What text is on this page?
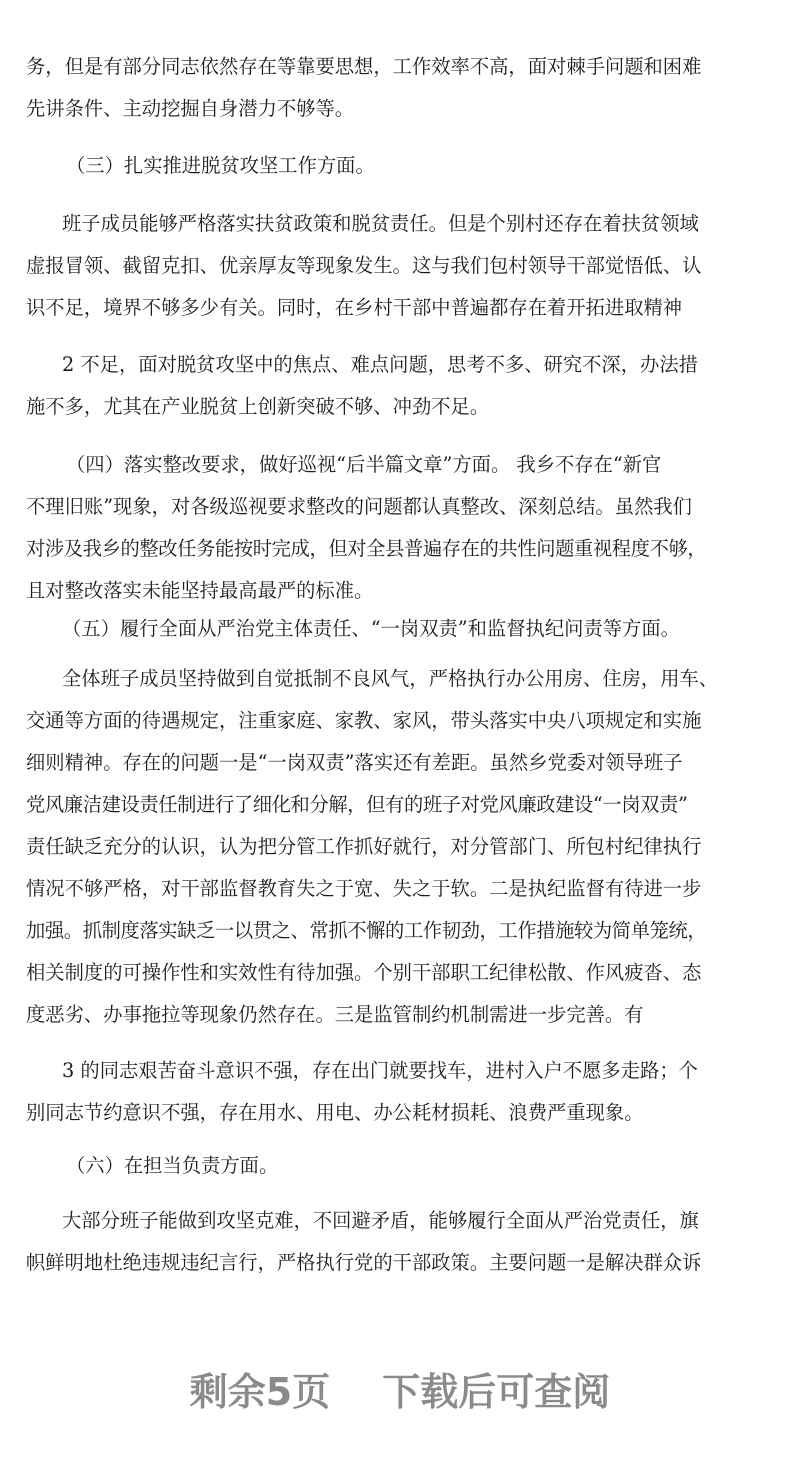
务，但是有部分同志依然存在等靠要思想，工作效率不高，面对棘手问题和困难
先讲条件、主动挖掘自身潜力不够等。
（三）扎实推进脱贫攻坚工作方面。
班子成员能够严格落实扶贫政策和脱贫责任。但是个别村还存在着扶贫领域
虚报冒领、截留克扣、优亲厚友等现象发生。这与我们包村领导干部觉悟低、认
识不足，境界不够多少有关。同时，在乡村干部中普遍都存在着开拓进取精神
2 不足，面对脱贫攻坚中的焦点、难点问题，思考不多、研究不深，办法措
施不多，尤其在产业脱贫上创新突破不够、冲劲不足。
（四）落实整改要求，做好巡视“后半篇文章”方面。 我乡不存在“新官
不理旧账”现象，对各级巡视要求整改的问题都认真整改、深刻总结。虽然我们
对涉及我乡的整改任务能按时完成，但对全县普遍存在的共性问题重视程度不够，
且对整改落实未能坚持最高最严的标准。
（五）履行全面从严治党主体责任、“一岗双责”和监督执纪问责等方面。
全体班子成员坚持做到自觉抵制不良风气，严格执行办公用房、住房，用车、
交通等方面的待遇规定，注重家庭、家教、家风，带头落实中央八项规定和实施
细则精神。存在的问题一是“一岗双责”落实还有差距。虽然乡党委对领导班子
党风廉洁建设责任制进行了细化和分解，但有的班子对党风廉政建设“一岗双责”
责任缺乏充分的认识，认为把分管工作抓好就行，对分管部门、所包村纪律执行
情况不够严格，对干部监督教育失之于宽、失之于软。二是执纪监督有待进一步
加强。抓制度落实缺乏一以贯之、常抓不懈的工作韧劲，工作措施较为简单笼统，
相关制度的可操作性和实效性有待加强。个别干部职工纪律松散、作风疲沓、态
度恶劣、办事拖拉等现象仍然存在。三是监管制约机制需进一步完善。有
3 的同志艰苦奋斗意识不强，存在出门就要找车，进村入户不愿多走路；个
别同志节约意识不强，存在用水、用电、办公耗材损耗、浪费严重现象。
（六）在担当负责方面。
大部分班子能做到攻坚克难，不回避矛盾，能够履行全面从严治党责任，旗
帜鲜明地杜绝违规违纪言行，严格执行党的干部政策。主要问题一是解决群众诉
剩余5页 下载后可查阅
